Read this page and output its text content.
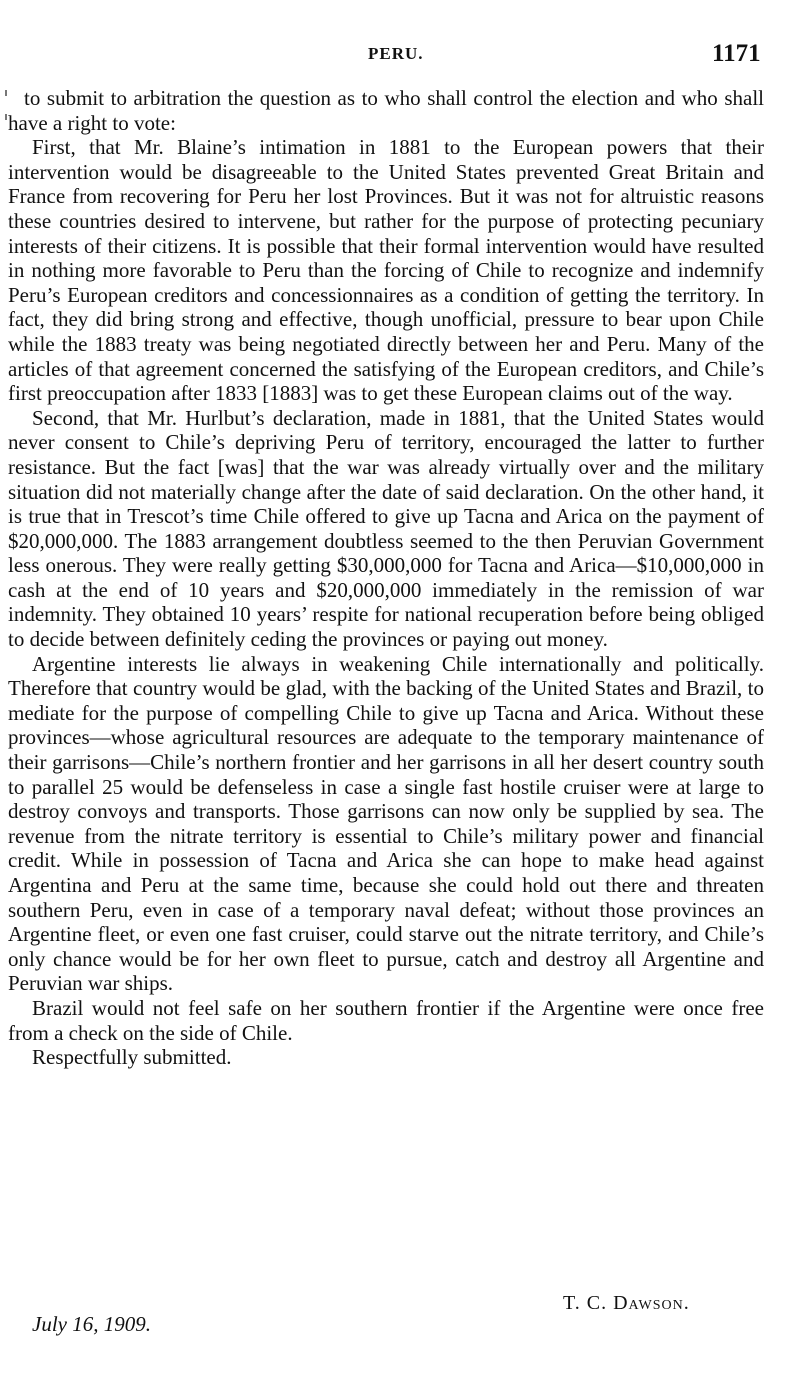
PERU.	1171

to submit to arbitration the question as to who shall control the election and who shall have a right to vote:

First, that Mr. Blaine’s intimation in 1881 to the European powers that their intervention would be disagreeable to the United States prevented Great Britain and France from recovering for Peru her lost Provinces. But it was not for altruistic reasons these countries desired to intervene, but rather for the purpose of protecting pecuniary interests of their citizens. It is possible that their formal intervention would have resulted in nothing more favorable to Peru than the forcing of Chile to recognize and indemnify Peru’s European creditors and concessionnaires as a condition of getting the territory. In fact, they did bring strong and effective, though unofficial, pressure to bear upon Chile while the 1883 treaty was being negotiated directly between her and Peru. Many of the articles of that agreement concerned the satisfying of the European creditors, and Chile’s first preoccupation after 1833 [1883] was to get these European claims out of the way.

Second, that Mr. Hurlbut’s declaration, made in 1881, that the United States would never consent to Chile’s depriving Peru of territory, encouraged the latter to further resistance. But the fact [was] that the war was already virtually over and the military situation did not materially change after the date of said declaration. On the other hand, it is true that in Trescot’s time Chile offered to give up Tacna and Arica on the payment of $20,000,000. The 1883 arrangement doubtless seemed to the then Peruvian Government less onerous. They were really getting $30,000,000 for Tacna and Arica—$10,000,000 in cash at the end of 10 years and $20,000,000 immediately in the remission of war indemnity. They obtained 10 years’ respite for national recuperation before being obliged to decide between definitely ceding the provinces or paying out money.

Argentine interests lie always in weakening Chile internationally and politically. Therefore that country would be glad, with the backing of the United States and Brazil, to mediate for the purpose of compelling Chile to give up Tacna and Arica. Without these provinces—whose agricultural resources are adequate to the temporary maintenance of their garrisons—Chile’s northern frontier and her garrisons in all her desert country south to parallel 25 would be defenseless in case a single fast hostile cruiser were at large to destroy convoys and transports. Those garrisons can now only be supplied by sea. The revenue from the nitrate territory is essential to Chile’s military power and financial credit. While in possession of Tacna and Arica she can hope to make head against Argentina and Peru at the same time, because she could hold out there and threaten southern Peru, even in case of a temporary naval defeat; without those provinces an Argentine fleet, or even one fast cruiser, could starve out the nitrate territory, and Chile’s only chance would be for her own fleet to pursue, catch and destroy all Argentine and Peruvian war ships.

Brazil would not feel safe on her southern frontier if the Argentine were once free from a check on the side of Chile.

Respectfully submitted.

T. C. Dawson.
July 16, 1909.
